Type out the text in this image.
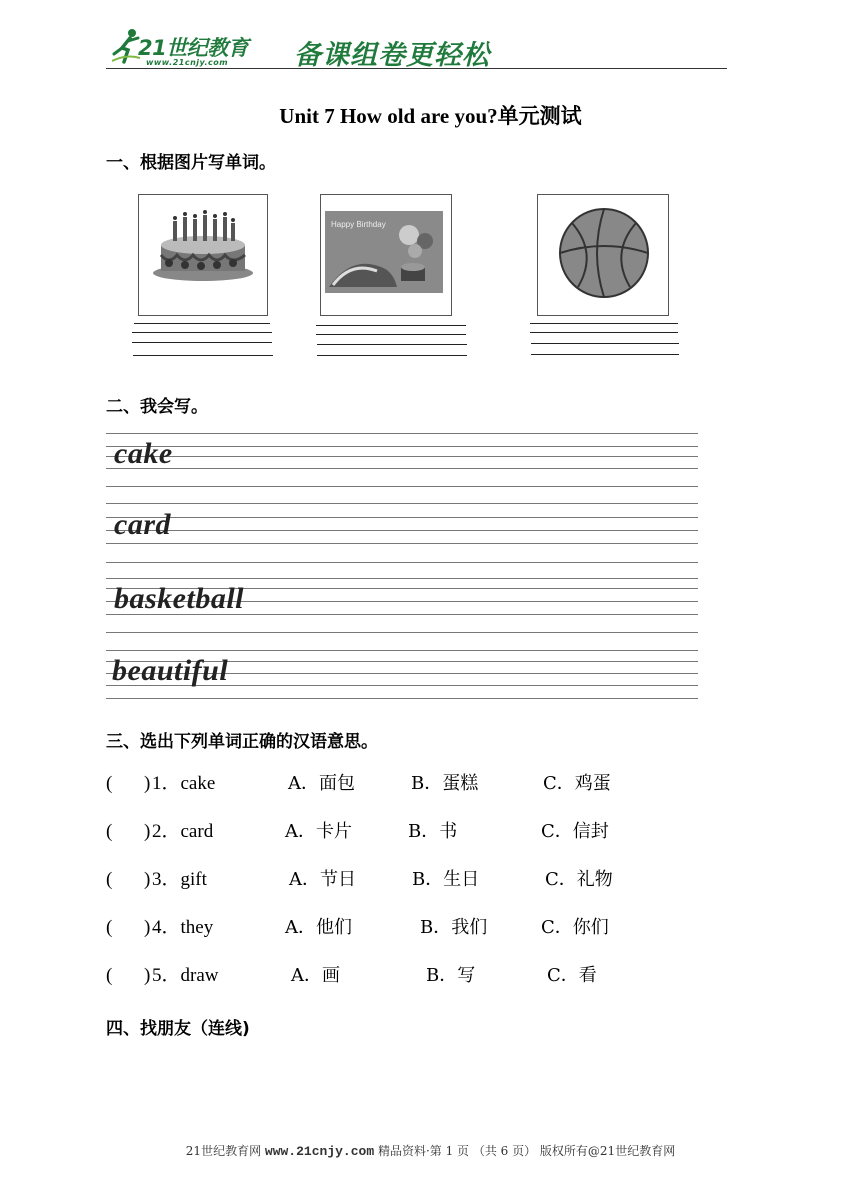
21世纪教育
www.21cnjy.com 备课组卷更轻松
Unit 7 How old are you?单元测试
一、根据图片写单词。
Happy Birthday
二、我会写。
cake
card
basketball
beautiful
三、选出下列单词正确的汉语意思。
( ) 1．cake	A．面包	B．蛋糕	C．鸡蛋
( ) 2．card	A．卡片	B．书	C．信封
( ) 3．gift	A．节日	B．生日	C．礼物
( ) 4．they	A．他们	B．我们	C．你们
( ) 5．draw	A．画	B．写	C．看
四、找朋友（连线)
21世纪教育网 www.21cnjy.com 精品资料·第 1 页 （共 6 页） 版权所有@21世纪教育网
